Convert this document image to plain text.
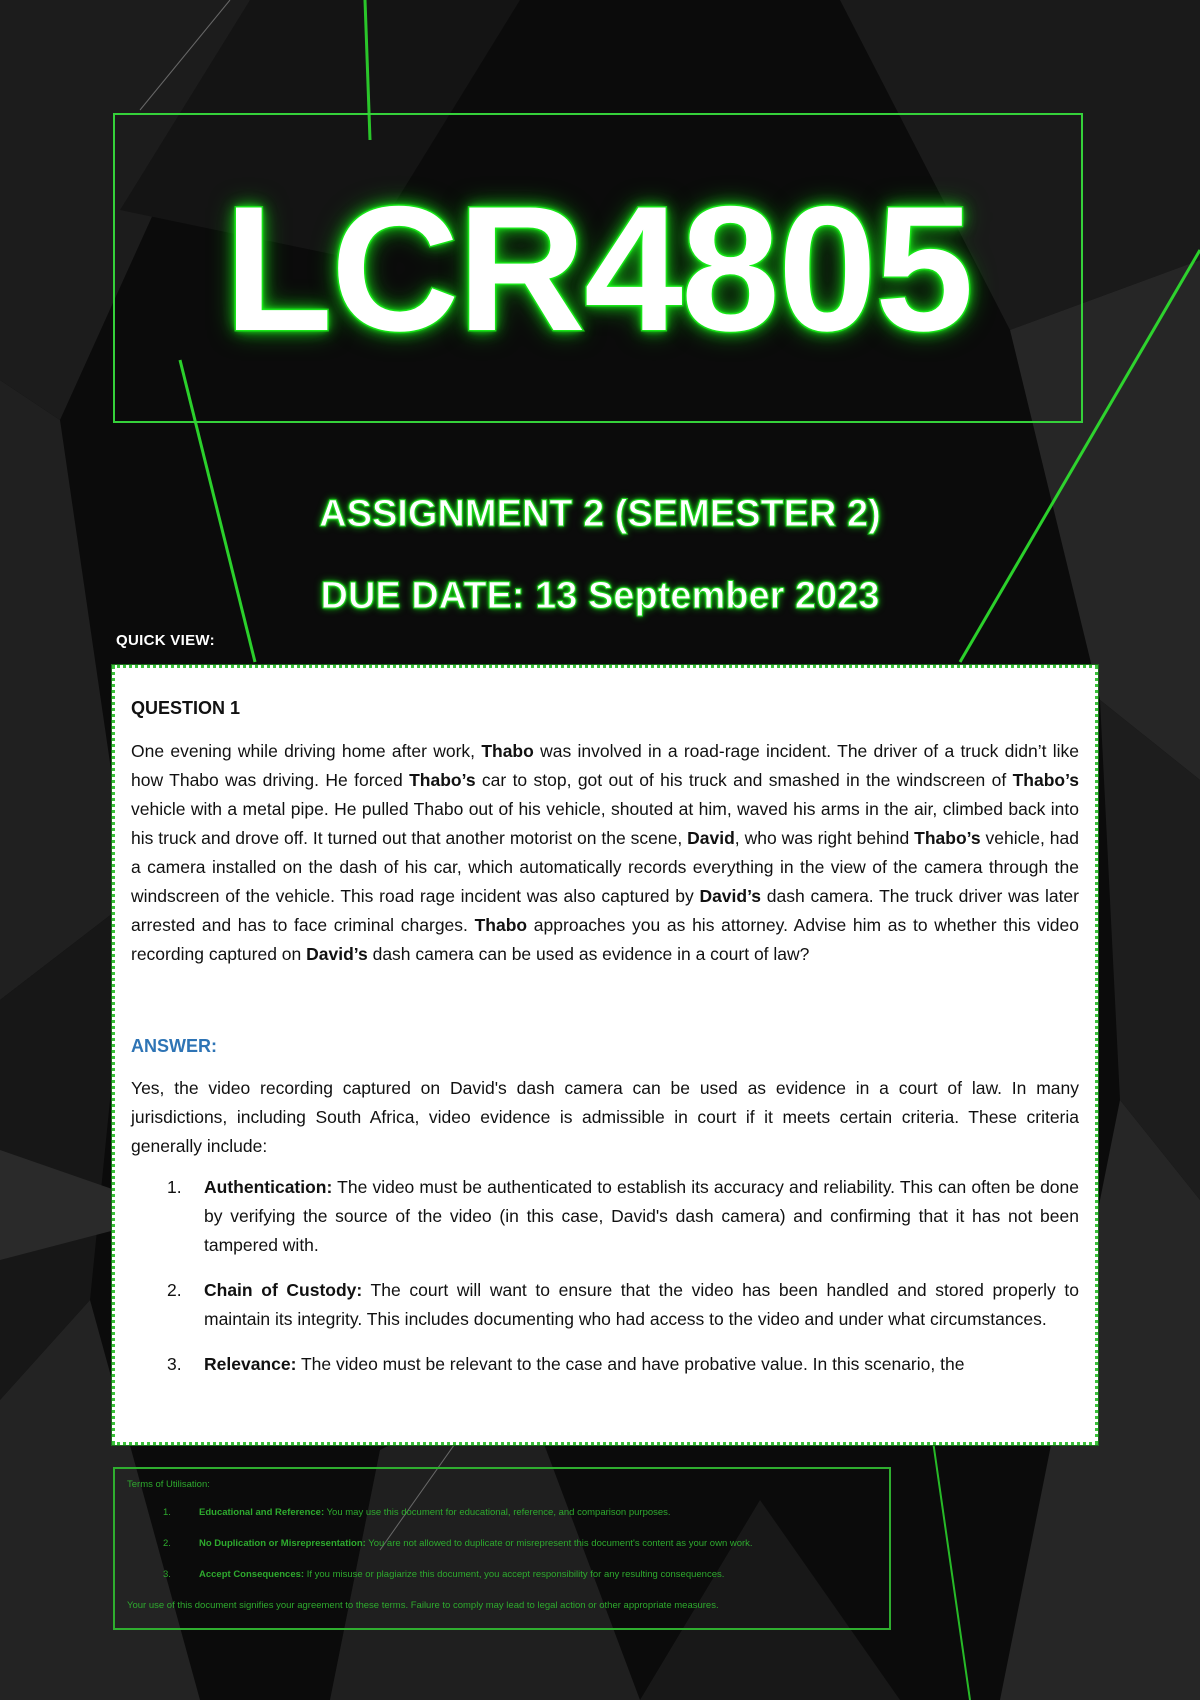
LCR4805
ASSIGNMENT 2 (SEMESTER 2)
DUE DATE: 13 September 2023
QUICK VIEW:
QUESTION 1

One evening while driving home after work, Thabo was involved in a road-rage incident. The driver of a truck didn’t like how Thabo was driving. He forced Thabo’s car to stop, got out of his truck and smashed in the windscreen of Thabo’s vehicle with a metal pipe. He pulled Thabo out of his vehicle, shouted at him, waved his arms in the air, climbed back into his truck and drove off. It turned out that another motorist on the scene, David, who was right behind Thabo’s vehicle, had a camera installed on the dash of his car, which automatically records everything in the view of the camera through the windscreen of the vehicle. This road rage incident was also captured by David’s dash camera. The truck driver was later arrested and has to face criminal charges. Thabo approaches you as his attorney. Advise him as to whether this video recording captured on David’s dash camera can be used as evidence in a court of law?

ANSWER:

Yes, the video recording captured on David's dash camera can be used as evidence in a court of law. In many jurisdictions, including South Africa, video evidence is admissible in court if it meets certain criteria. These criteria generally include:

1. Authentication: The video must be authenticated to establish its accuracy and reliability. This can often be done by verifying the source of the video (in this case, David's dash camera) and confirming that it has not been tampered with.
2. Chain of Custody: The court will want to ensure that the video has been handled and stored properly to maintain its integrity. This includes documenting who had access to the video and under what circumstances.
3. Relevance: The video must be relevant to the case and have probative value. In this scenario, the
Terms of Utilisation:
1.	Educational and Reference: You may use this document for educational, reference, and comparison purposes.
2.	No Duplication or Misrepresentation: You are not allowed to duplicate or misrepresent this document's content as your own work.
3.	Accept Consequences: If you misuse or plagiarize this document, you accept responsibility for any resulting consequences.
Your use of this document signifies your agreement to these terms. Failure to comply may lead to legal action or other appropriate measures.
